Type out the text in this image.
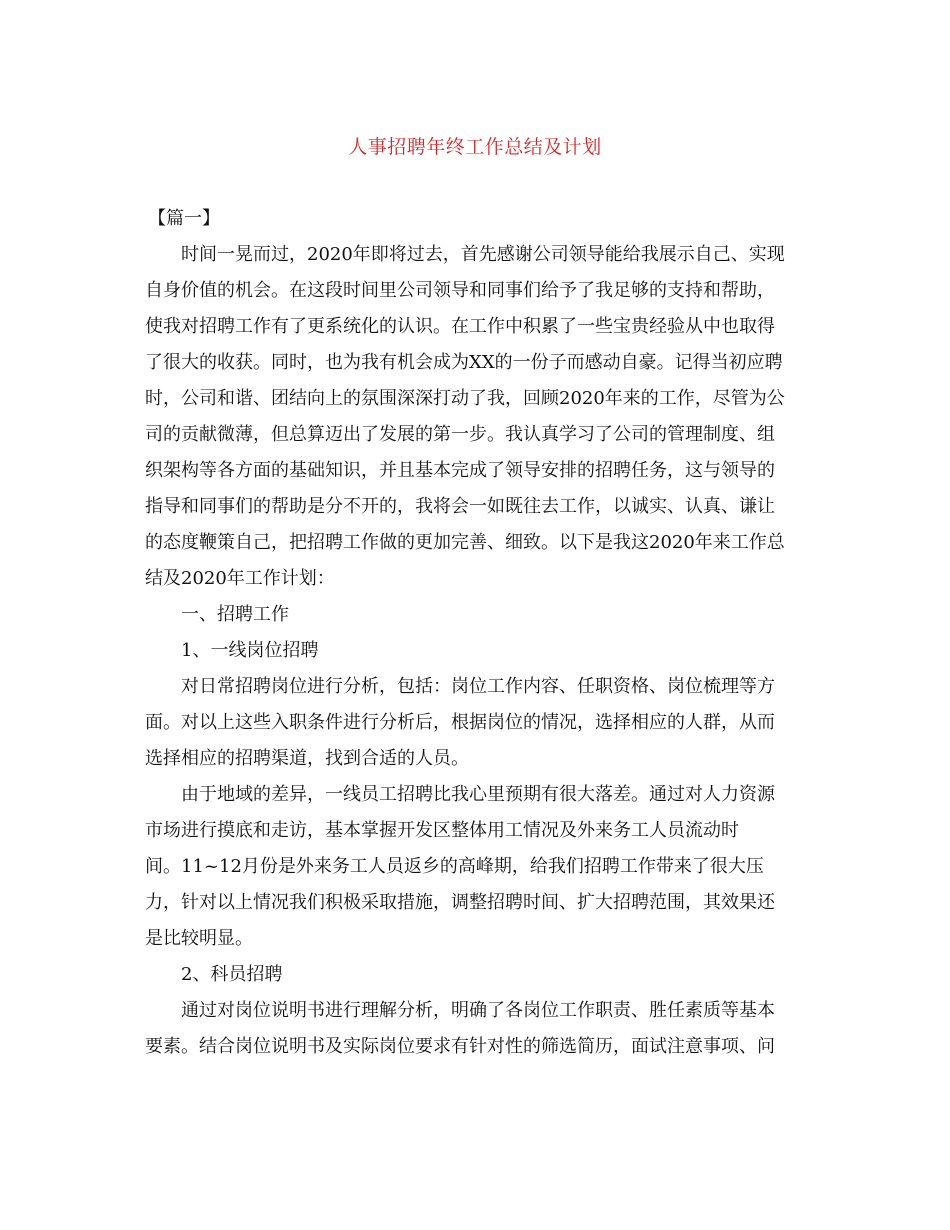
人事招聘年终工作总结及计划
【篇一】
时间一晃而过，2020年即将过去，首先感谢公司领导能给我展示自己、实现
自身价值的机会。在这段时间里公司领导和同事们给予了我足够的支持和帮助，
使我对招聘工作有了更系统化的认识。在工作中积累了一些宝贵经验从中也取得
了很大的收获。同时，也为我有机会成为XX的一份子而感动自豪。记得当初应聘
时，公司和谐、团结向上的氛围深深打动了我，回顾2020年来的工作，尽管为公
司的贡献微薄，但总算迈出了发展的第一步。我认真学习了公司的管理制度、组
织架构等各方面的基础知识，并且基本完成了领导安排的招聘任务，这与领导的
指导和同事们的帮助是分不开的，我将会一如既往去工作，以诚实、认真、谦让
的态度鞭策自己，把招聘工作做的更加完善、细致。以下是我这2020年来工作总
结及2020年工作计划：
一、招聘工作
1、一线岗位招聘
对日常招聘岗位进行分析，包括：岗位工作内容、任职资格、岗位梳理等方
面。对以上这些入职条件进行分析后，根据岗位的情况，选择相应的人群，从而
选择相应的招聘渠道，找到合适的人员。
由于地域的差异，一线员工招聘比我心里预期有很大落差。通过对人力资源
市场进行摸底和走访，基本掌握开发区整体用工情况及外来务工人员流动时
间。11~12月份是外来务工人员返乡的高峰期，给我们招聘工作带来了很大压
力，针对以上情况我们积极采取措施，调整招聘时间、扩大招聘范围，其效果还
是比较明显。
2、科员招聘
通过对岗位说明书进行理解分析，明确了各岗位工作职责、胜任素质等基本
要素。结合岗位说明书及实际岗位要求有针对性的筛选简历，面试注意事项、问
